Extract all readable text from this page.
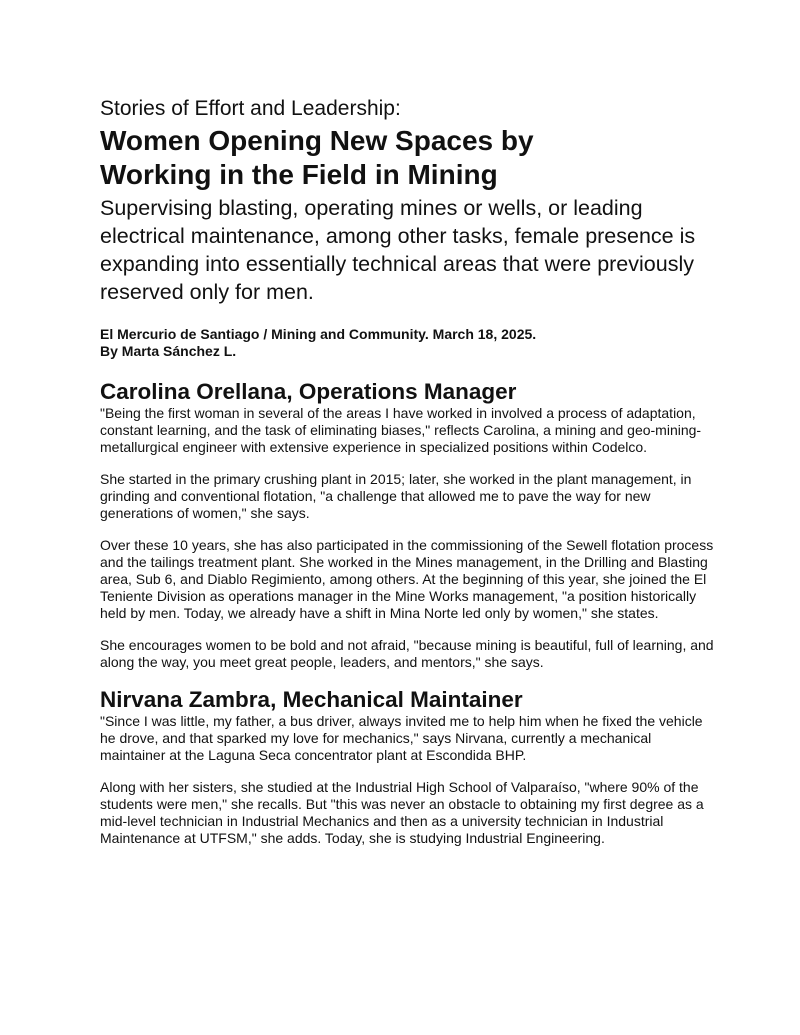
Stories of Effort and Leadership:

Women Opening New Spaces by
Working in the Field in Mining

Supervising blasting, operating mines or wells, or leading electrical maintenance, among other tasks, female presence is expanding into essentially technical areas that were previously reserved only for men.

El Mercurio de Santiago / Mining and Community. March 18, 2025.
By Marta Sánchez L.
Carolina Orellana, Operations Manager

"Being the first woman in several of the areas I have worked in involved a process of adaptation, constant learning, and the task of eliminating biases," reflects Carolina, a mining and geo-mining-metallurgical engineer with extensive experience in specialized positions within Codelco.

She started in the primary crushing plant in 2015; later, she worked in the plant management, in grinding and conventional flotation, "a challenge that allowed me to pave the way for new generations of women," she says.

Over these 10 years, she has also participated in the commissioning of the Sewell flotation process and the tailings treatment plant. She worked in the Mines management, in the Drilling and Blasting area, Sub 6, and Diablo Regimiento, among others. At the beginning of this year, she joined the El Teniente Division as operations manager in the Mine Works management, "a position historically held by men. Today, we already have a shift in Mina Norte led only by women," she states.

She encourages women to be bold and not afraid, "because mining is beautiful, full of learning, and along the way, you meet great people, leaders, and mentors," she says.

Nirvana Zambra, Mechanical Maintainer

"Since I was little, my father, a bus driver, always invited me to help him when he fixed the vehicle he drove, and that sparked my love for mechanics," says Nirvana, currently a mechanical maintainer at the Laguna Seca concentrator plant at Escondida BHP.

Along with her sisters, she studied at the Industrial High School of Valparaíso, "where 90% of the students were men," she recalls. But "this was never an obstacle to obtaining my first degree as a mid-level technician in Industrial Mechanics and then as a university technician in Industrial Maintenance at UTFSM," she adds. Today, she is studying Industrial Engineering.
